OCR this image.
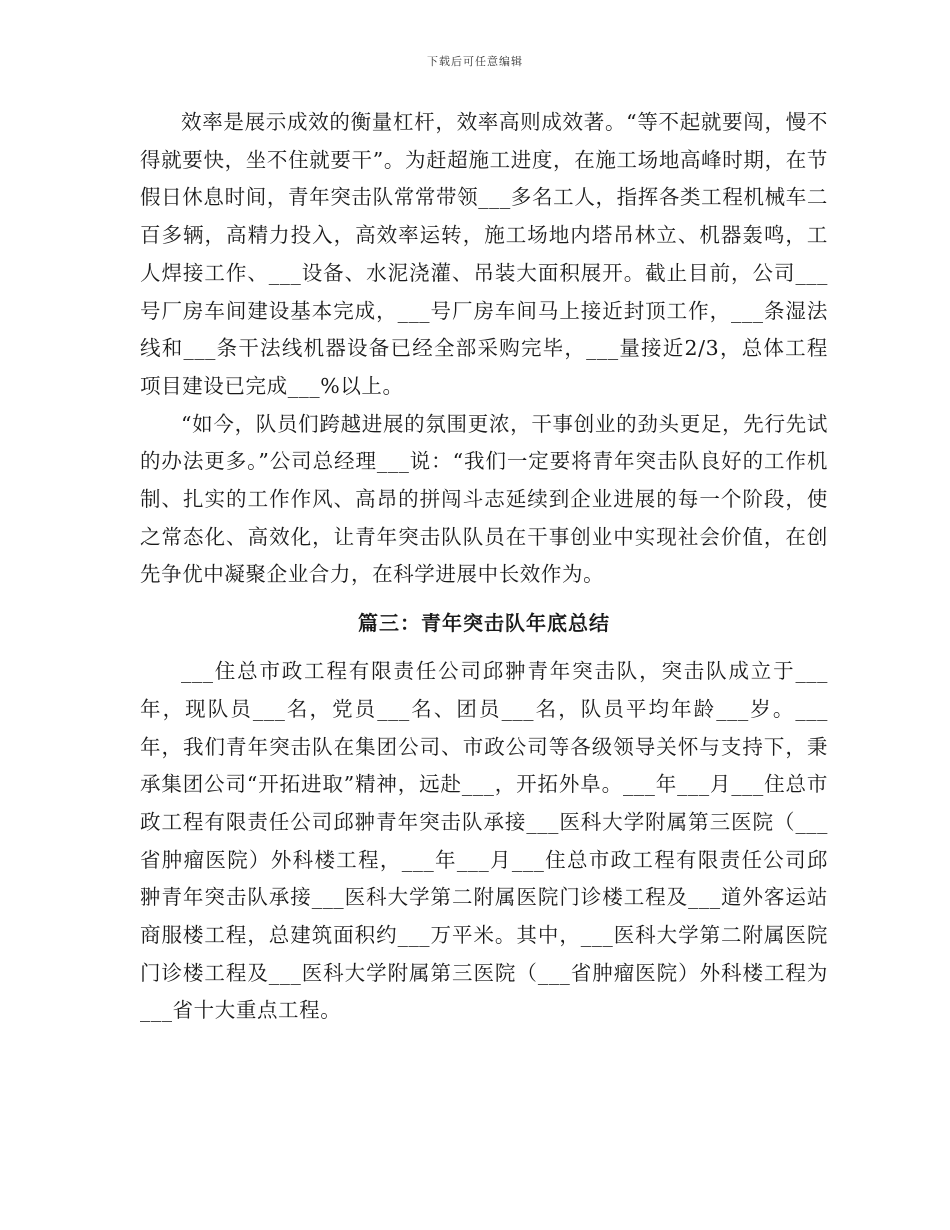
下载后可任意编辑

效率是展示成效的衡量杠杆，效率高则成效著。“等不起就要闯，慢不得就要快，坐不住就要干”。为赶超施工进度，在施工场地高峰时期，在节假日休息时间，青年突击队常常带领___多名工人，指挥各类工程机械车二百多辆，高精力投入，高效率运转，施工场地内塔吊林立、机器轰鸣，工人焊接工作、___设备、水泥浇灌、吊装大面积展开。截止目前，公司___号厂房车间建设基本完成，___号厂房车间马上接近封顶工作，___条湿法线和___条干法线机器设备已经全部采购完毕，___量接近2/3，总体工程项目建设已完成___%以上。

“如今，队员们跨越进展的氛围更浓，干事创业的劲头更足，先行先试的办法更多。”公司总经理___说：“我们一定要将青年突击队良好的工作机制、扎实的工作作风、高昂的拼闯斗志延续到企业进展的每一个阶段，使之常态化、高效化，让青年突击队队员在干事创业中实现社会价值，在创先争优中凝聚企业合力，在科学进展中长效作为。

篇三：青年突击队年底总结

___住总市政工程有限责任公司邱翀青年突击队，突击队成立于___年，现队员___名，党员___名、团员___名，队员平均年龄___岁。___年，我们青年突击队在集团公司、市政公司等各级领导关怀与支持下，秉承集团公司“开拓进取”精神，远赴___，开拓外阜。___年___月___住总市政工程有限责任公司邱翀青年突击队承接___医科大学附属第三医院（___省肿瘤医院）外科楼工程，___年___月___住总市政工程有限责任公司邱翀青年突击队承接___医科大学第二附属医院门诊楼工程及___道外客运站商服楼工程，总建筑面积约___万平米。其中，___医科大学第二附属医院门诊楼工程及___医科大学附属第三医院（___省肿瘤医院）外科楼工程为___省十大重点工程。
